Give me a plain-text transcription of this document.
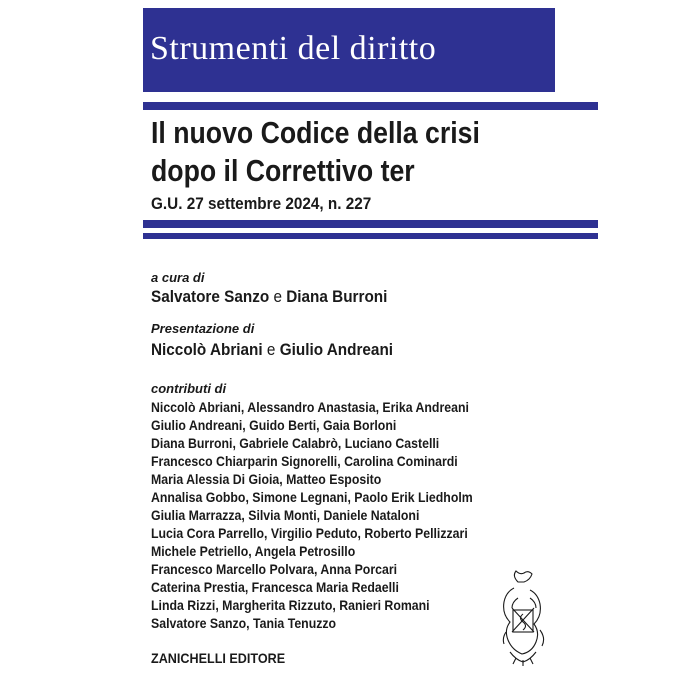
Strumenti del diritto
Il nuovo Codice della crisi
dopo il Correttivo ter
G.U. 27 settembre 2024, n. 227
a cura di
Salvatore Sanzo e Diana Burroni
Presentazione di
Niccolò Abriani e Giulio Andreani
contributi di
Niccolò Abriani, Alessandro Anastasia, Erika Andreani
Giulio Andreani, Guido Berti, Gaia Borloni
Diana Burroni, Gabriele Calabrò, Luciano Castelli
Francesco Chiarparin Signorelli, Carolina Cominardi
Maria Alessia Di Gioia, Matteo Esposito
Annalisa Gobbo, Simone Legnani, Paolo Erik Liedholm
Giulia Marrazza, Silvia Monti, Daniele Nataloni
Lucia Cora Parrello, Virgilio Peduto, Roberto Pellizzari
Michele Petriello, Angela Petrosillo
Francesco Marcello Polvara, Anna Porcari
Caterina Prestia, Francesca Maria Redaelli
Linda Rizzi, Margherita Rizzuto, Ranieri Romani
Salvatore Sanzo, Tania Tenuzzo
ZANICHELLI EDITORE
